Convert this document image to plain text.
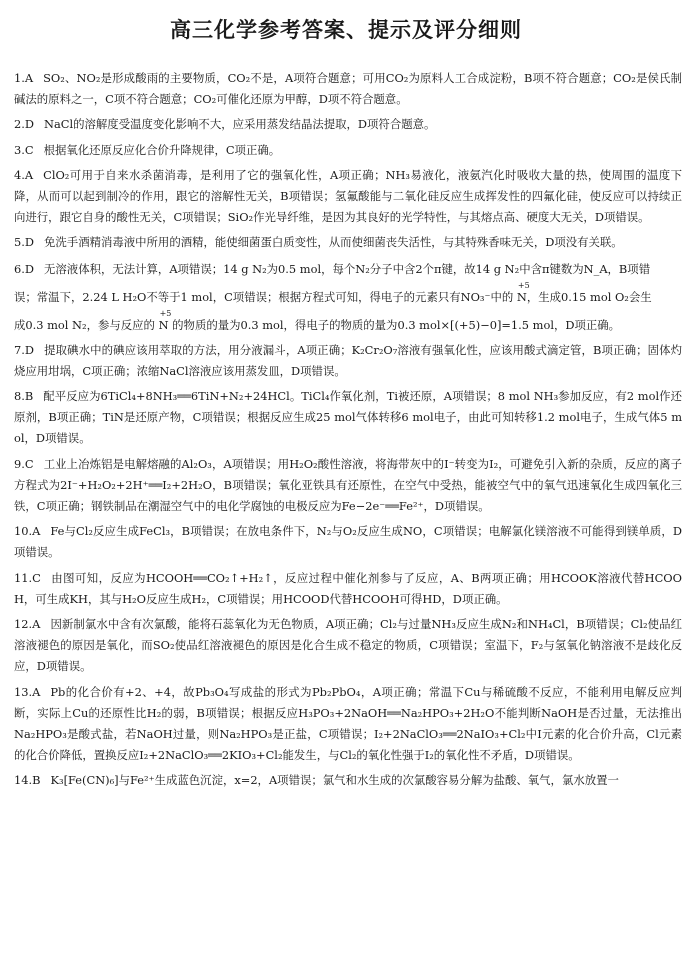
高三化学参考答案、提示及评分细则
1.A SO₂、NO₂是形成酸雨的主要物质，CO₂不是，A项符合题意；可用CO₂为原料人工合成淀粉，B项不符合题意；CO₂是侯氏制碱法的原料之一，C项不符合题意；CO₂可催化还原为甲醇，D项不符合题意。
2.D NaCl的溶解度受温度变化影响不大，应采用蒸发结晶法提取，D项符合题意。
3.C 根据氧化还原反应化合价升降规律，C项正确。
4.A ClO₂可用于自来水杀菌消毒，是利用了它的强氧化性，A项正确；NH₃易液化，液氨汽化时吸收大量的热，使周围的温度下降，从而可以起到制冷的作用，跟它的溶解性无关，B项错误；氢氟酸能与二氧化硅反应生成挥发性的四氟化硅，使反应可以持续正向进行，跟它自身的酸性无关，C项错误；SiO₂作光导纤维，是因为其良好的光学特性，与其熔点高、硬度大无关，D项错误。
5.D 免洗手酒精消毒液中所用的酒精，能使细菌蛋白质变性，从而使细菌丧失活性，与其特殊香味无关，D项没有关联。
6.D 无溶液体积，无法计算，A项错误；14 g N₂为0.5 mol，每个N₂分子中含2个π键，故14 g N₂中含π键数为N_A，B项错
误；常温下，2.24 L H₂O不等于1 mol，C项错误；根据方程式可知，得电子的元素只有NO₃⁻中的
+5
N，生成0.15 mol O₂会生
成0.3 mol N₂，参与反应的
+5
N 的物质的量为0.3 mol，得电子的物质的量为0.3 mol×[(+5)−0]=1.5 mol，D项正确。
7.D 提取碘水中的碘应该用萃取的方法，用分液漏斗，A项正确；K₂Cr₂O₇溶液有强氧化性，应该用酸式滴定管，B项正确；固体灼烧应用坩埚，C项正确；浓缩NaCl溶液应该用蒸发皿，D项错误。
8.B 配平反应为6TiCl₄+8NH₃══6TiN+N₂+24HCl。TiCl₄作氧化剂，Ti被还原，A项错误；8 mol NH₃参加反应，有2 mol作还原剂，B项正确；TiN是还原产物，C项错误；根据反应生成25 mol气体转移6 mol电子，由此可知转移1.2 mol电子，生成气体5 mol，D项错误。
9.C 工业上冶炼铝是电解熔融的Al₂O₃，A项错误；用H₂O₂酸性溶液，将海带灰中的I⁻转变为I₂，可避免引入新的杂质，反应的离子方程式为2I⁻+H₂O₂+2H⁺══I₂+2H₂O，B项错误；氧化亚铁具有还原性，在空气中受热，能被空气中的氧气迅速氧化生成四氧化三铁，C项正确；钢铁制品在潮湿空气中的电化学腐蚀的电极反应为Fe−2e⁻══Fe²⁺，D项错误。
10.A Fe与Cl₂反应生成FeCl₃，B项错误；在放电条件下，N₂与O₂反应生成NO，C项错误；电解氯化镁溶液不可能得到镁单质，D项错误。
11.C 由图可知，反应为HCOOH══CO₂↑+H₂↑，反应过程中催化剂参与了反应，A、B两项正确；用HCOOK溶液代替HCOOH，可生成KH，其与H₂O反应生成H₂，C项错误；用HCOOD代替HCOOH可得HD，D项正确。
12.A 因新制氯水中含有次氯酸，能将石蕊氧化为无色物质，A项正确；Cl₂与过量NH₃反应生成N₂和NH₄Cl，B项错误；Cl₂使品红溶液褪色的原因是氧化，而SO₂使品红溶液褪色的原因是化合生成不稳定的物质，C项错误；室温下，F₂与氢氧化钠溶液不是歧化反应，D项错误。
13.A Pb的化合价有+2、+4，故Pb₃O₄写成盐的形式为Pb₂PbO₄，A项正确；常温下Cu与稀硫酸不反应，不能利用电解反应判断，实际上Cu的还原性比H₂的弱，B项错误；根据反应H₃PO₃+2NaOH══Na₂HPO₃+2H₂O不能判断NaOH是否过量，无法推出Na₂HPO₃是酸式盐，若NaOH过量，则Na₂HPO₃是正盐，C项错误；I₂+2NaClO₃══2NaIO₃+Cl₂中I元素的化合价升高，Cl元素的化合价降低，置换反应I₂+2NaClO₃══2KIO₃+Cl₂能发生，与Cl₂的氧化性强于I₂的氧化性不矛盾，D项错误。
14.B K₃[Fe(CN)₆]与Fe²⁺生成蓝色沉淀，x=2，A项错误；氯气和水生成的次氯酸容易分解为盐酸、氧气，氯水放置一
